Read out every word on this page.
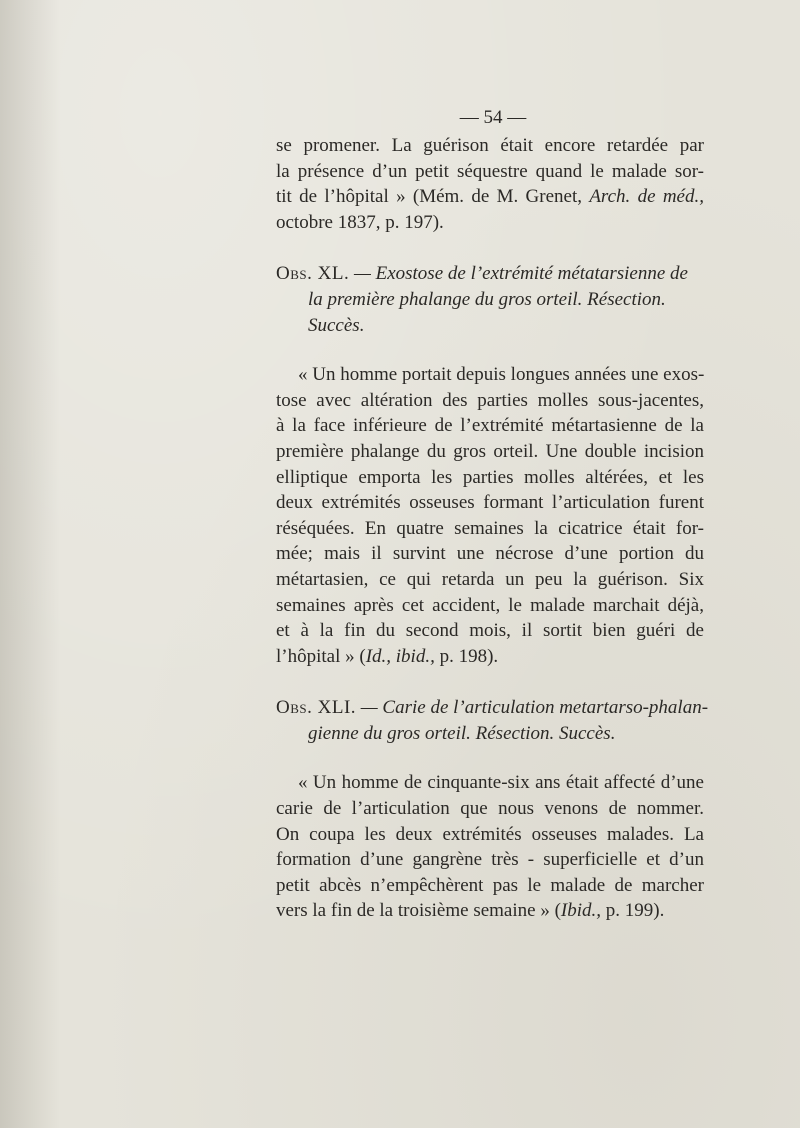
— 54 —

se promener. La guérison était encore retardée par
la présence d’un petit séquestre quand le malade sor-
tit de l’hôpital » (Mém. de M. Grenet, Arch. de méd.,
octobre 1837, p. 197).

Obs. XL. — Exostose de l’extrémité métatarsienne de
la première phalange du gros orteil. Résection.
Succès.

« Un homme portait depuis longues années une exos-
tose avec altération des parties molles sous-jacentes,
à la face inférieure de l’extrémité métartasienne de la
première phalange du gros orteil. Une double incision
elliptique emporta les parties molles altérées, et les
deux extrémités osseuses formant l’articulation furent
réséquées. En quatre semaines la cicatrice était for-
mée; mais il survint une nécrose d’une portion du
métartasien, ce qui retarda un peu la guérison. Six
semaines après cet accident, le malade marchait déjà,
et à la fin du second mois, il sortit bien guéri de
l’hôpital » (Id., ibid., p. 198).

Obs. XLI. — Carie de l’articulation metartarso-phalan-
gienne du gros orteil. Résection. Succès.

« Un homme de cinquante-six ans était affecté d’une
carie de l’articulation que nous venons de nommer.
On coupa les deux extrémités osseuses malades. La
formation d’une gangrène très - superficielle et d’un
petit abcès n’empêchèrent pas le malade de marcher
vers la fin de la troisième semaine » (Ibid., p. 199).
